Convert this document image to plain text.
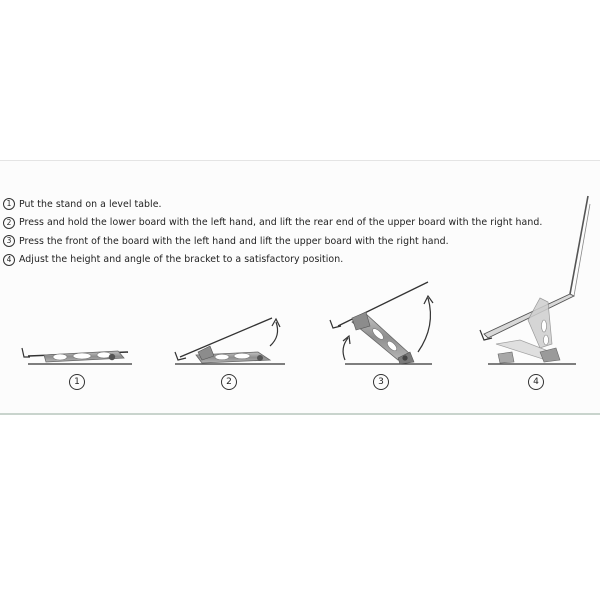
1 Put the stand on a level table.
2 Press and hold the lower board with the left hand, and lift the rear end of the upper board with the right hand.
3 Press the front of the board with the left hand and lift the upper board with the right hand.
4 Adjust the height and angle of the bracket to a satisfactory position.
1	2	3	4
